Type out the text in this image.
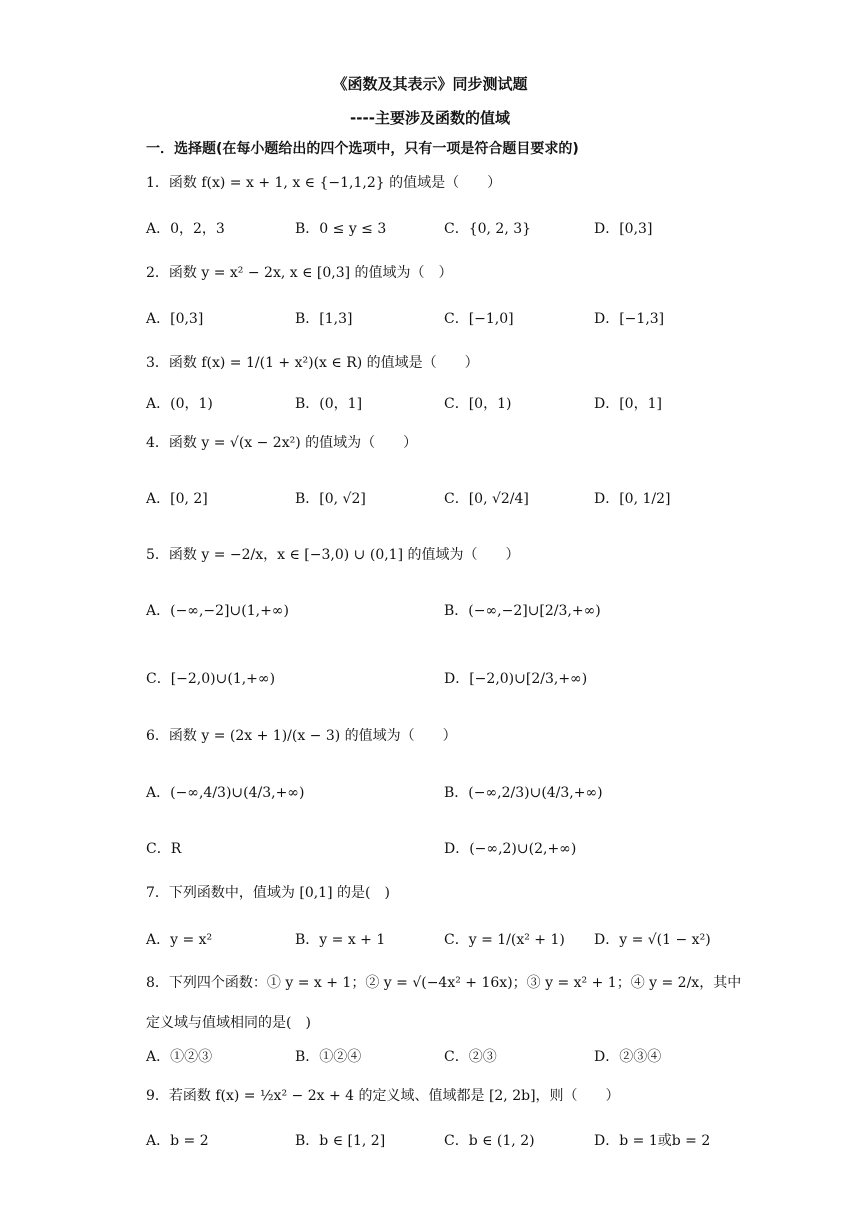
《函数及其表示》同步测试题
----主要涉及函数的值域
一．选择题(在每小题给出的四个选项中，只有一项是符合题目要求的)
1．函数 f(x) = x + 1, x ∈ {−1,1,2} 的值域是（　　）
A．0，2，3	B．0 ≤ y ≤ 3	C．{0, 2, 3}	D．[0,3]
2．函数 y = x² − 2x, x ∈ [0,3] 的值域为（　）
A．[0,3]	B．[1,3]	C．[−1,0]	D．[−1,3]
3．函数 f(x) = 1/(1 + x²)(x ∈ R) 的值域是（　　）
A．(0，1)	B．(0，1]	C．[0，1)	D．[0，1]
4．函数 y = √(x − 2x²) 的值域为（　　）
A．[0, 2]	B．[0, √2]	C．[0, √2/4]	D．[0, 1/2]
5．函数 y = −2/x，x ∈ [−3,0) ∪ (0,1] 的值域为（　　）
A．(−∞,−2]∪(1,+∞)	B．(−∞,−2]∪[2/3,+∞)
C．[−2,0)∪(1,+∞)	D．[−2,0)∪[2/3,+∞)
6．函数 y = (2x + 1)/(x − 3) 的值域为（　　）
A．(−∞,4/3)∪(4/3,+∞)	B．(−∞,2/3)∪(4/3,+∞)
C．R	D．(−∞,2)∪(2,+∞)
7．下列函数中，值域为 [0,1] 的是(　)
A．y = x²	B．y = x + 1	C．y = 1/(x² + 1) D．y = √(1 − x²)
8．下列四个函数：① y = x + 1；② y = √(−4x² + 16x)；③ y = x² + 1；④ y = 2/x，其中
定义域与值域相同的是(　)
A．①②③	B．①②④	C．②③	D．②③④
9．若函数 f(x) = ½x² − 2x + 4 的定义域、值域都是 [2, 2b]，则（　　）
A．b = 2	B．b ∈ [1, 2]	C．b ∈ (1, 2)	D．b = 1或b = 2
